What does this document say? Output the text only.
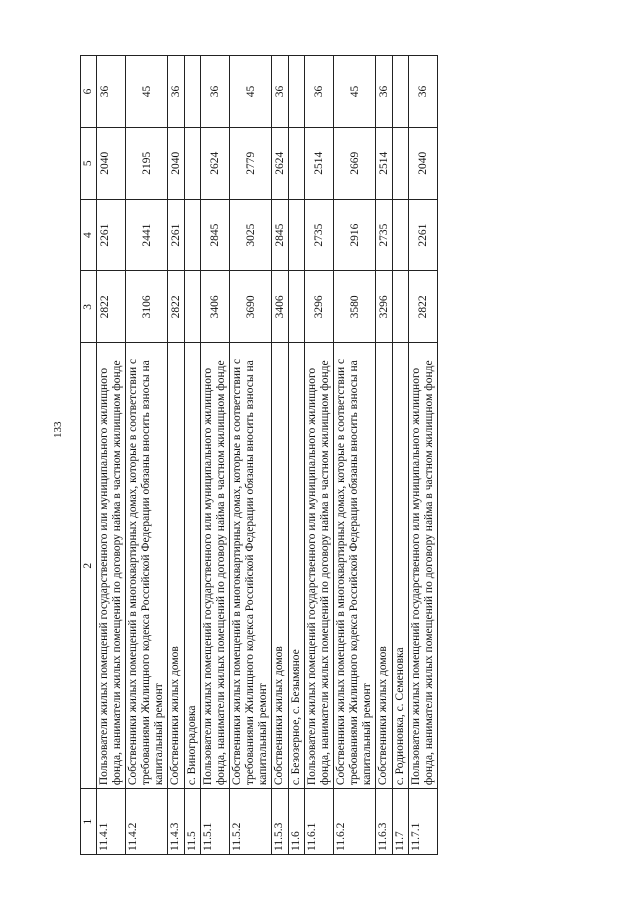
133
1	2	3	4	5	6
11.4.1	Пользователи жилых помещений государственного или муниципального жилищного фонда, наниматели жилых помещений по договору найма в частном жилищном фонде	2822	2261	2040	36
11.4.2	Собственники жилых помещений в многоквартирных домах, которые в соответствии с требованиями Жилищного кодекса Российской Федерации обязаны вносить взносы на капитальный ремонт	3106	2441	2195	45
11.4.3	Собственники жилых домов	2822	2261	2040	36
11.5	с. Виноградовка				
11.5.1	Пользователи жилых помещений государственного или муниципального жилищного фонда, наниматели жилых помещений по договору найма в частном жилищном фонде	3406	2845	2624	36
11.5.2	Собственники жилых помещений в многоквартирных домах, которые в соответствии с требованиями Жилищного кодекса Российской Федерации обязаны вносить взносы на капитальный ремонт	3690	3025	2779	45
11.5.3	Собственники жилых домов	3406	2845	2624	36
11.6	с. Безозерное, с. Безымяное				
11.6.1	Пользователи жилых помещений государственного или муниципального жилищного фонда, наниматели жилых помещений по договору найма в частном жилищном фонде	3296	2735	2514	36
11.6.2	Собственники жилых помещений в многоквартирных домах, которые в соответствии с требованиями Жилищного кодекса Российской Федерации обязаны вносить взносы на капитальный ремонт	3580	2916	2669	45
11.6.3	Собственники жилых домов	3296	2735	2514	36
11.7	с. Родионовка, с. Семеновка				
11.7.1	Пользователи жилых помещений государственного или муниципального жилищного фонда, наниматели жилых помещений по договору найма в частном жилищном фонде	2822	2261	2040	36
